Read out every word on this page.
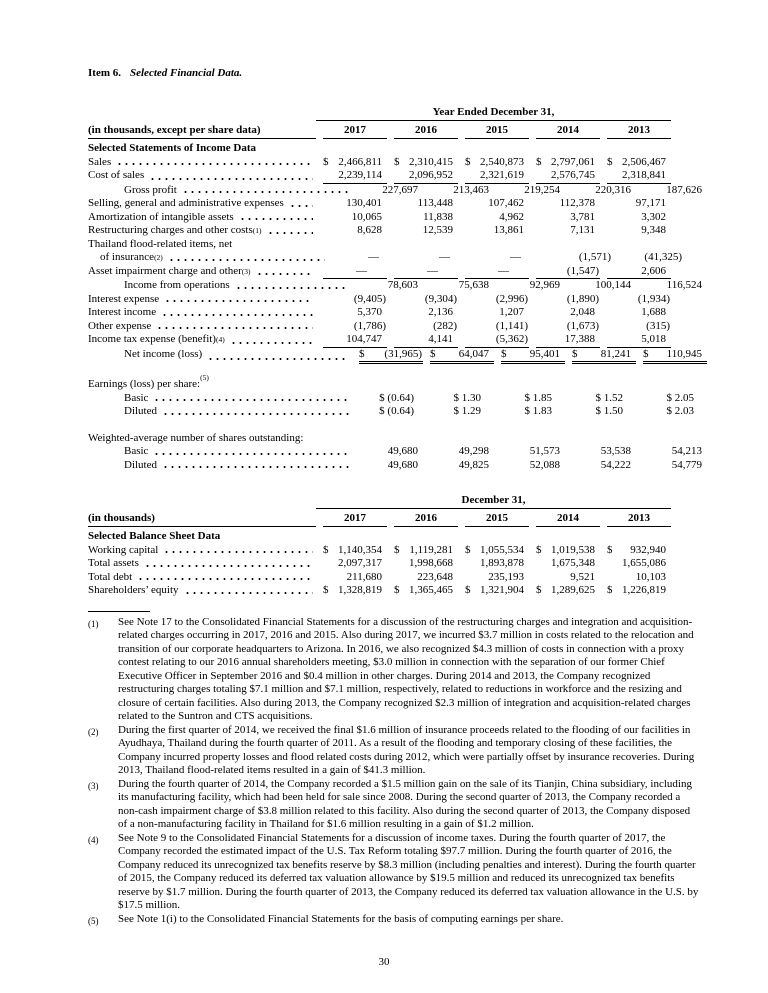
Item 6. Selected Financial Data.
Year Ended December 31,
(in thousands, except per share data)	2017	2016	2015	2014	2013
Selected Statements of Income Data
Sales	$ 2,466,811	$ 2,310,415	$ 2,540,873	$ 2,797,061	$ 2,506,467
Cost of sales	2,239,114	2,096,952	2,321,619	2,576,745	2,318,841
Gross profit	227,697	213,463	219,254	220,316	187,626
Selling, general and administrative expenses	130,401	113,448	107,462	112,378	97,171
Amortization of intangible assets	10,065	11,838	4,962	3,781	3,302
Restructuring charges and other costs (1)	8,628	12,539	13,861	7,131	9,348
Thailand flood-related items, net
of insurance (2)	—	—	—	(1,571)	(41,325)
Asset impairment charge and other (3)	—	—	—	(1,547)	2,606
Income from operations	78,603	75,638	92,969	100,144	116,524
Interest expense	(9,405)	(9,304)	(2,996)	(1,890)	(1,934)
Interest income	5,370	2,136	1,207	2,048	1,688
Other expense	(1,786)	(282)	(1,141)	(1,673)	(315)
Income tax expense (benefit) (4)	104,747	4,141	(5,362)	17,388	5,018
Net income (loss)	$ (31,965) $ 64,047	$ 95,401	$ 81,241	$ 110,945
Earnings (loss) per share:
(5)
Basic	$ (0.64)	$ 1.30	$ 1.85	$ 1.52	$ 2.05
Diluted	$ (0.64)	$ 1.29	$ 1.83	$ 1.50	$ 2.03
Weighted-average number of shares outstanding:
Basic	49,680	49,298	51,573	53,538	54,213
Diluted	49,680	49,825	52,088	54,222	54,779
December 31,
(in thousands)	2017	2016	2015	2014	2013
Selected Balance Sheet Data
Working capital	$ 1,140,354	$ 1,119,281	$ 1,055,534	$ 1,019,538	$ 932,940
Total assets	2,097,317	1,998,668	1,893,878	1,675,348	1,655,086
Total debt	211,680	223,648	235,193	9,521	10,103
Shareholders’ equity	$ 1,328,819	$ 1,365,465	$ 1,321,904	$ 1,289,625	$ 1,226,819
(1)	See Note 17 to the Consolidated Financial Statements for a discussion of the restructuring charges and integration and acquisition-related charges occurring in 2017, 2016 and 2015. Also during 2017, we incurred $3.7 million in costs related to the relocation and transition of our corporate headquarters to Arizona. In 2016, we also recognized $4.3 million of costs in connection with a proxy contest relating to our 2016 annual shareholders meeting, $3.0 million in connection with the separation of our former Chief Executive Officer in September 2016 and $0.4 million in other charges. During 2014 and 2013, the Company recognized restructuring charges totaling $7.1 million and $7.1 million, respectively, related to reductions in workforce and the resizing and closure of certain facilities. Also during 2013, the Company recognized $2.3 million of integration and acquisition-related charges related to the Suntron and CTS acquisitions.
(2)	During the first quarter of 2014, we received the final $1.6 million of insurance proceeds related to the flooding of our facilities in Ayudhaya, Thailand during the fourth quarter of 2011. As a result of the flooding and temporary closing of these facilities, the Company incurred property losses and flood related costs during 2012, which were partially offset by insurance recoveries. During 2013, Thailand flood-related items resulted in a gain of $41.3 million.
(3)	During the fourth quarter of 2014, the Company recorded a $1.5 million gain on the sale of its Tianjin, China subsidiary, including its manufacturing facility, which had been held for sale since 2008. During the second quarter of 2013, the Company recorded a non-cash impairment charge of $3.8 million related to this facility. Also during the second quarter of 2013, the Company disposed of a non-manufacturing facility in Thailand for $1.6 million resulting in a gain of $1.2 million.
(4)	See Note 9 to the Consolidated Financial Statements for a discussion of income taxes. During the fourth quarter of 2017, the Company recorded the estimated impact of the U.S. Tax Reform totaling $97.7 million. During the fourth quarter of 2016, the Company reduced its unrecognized tax benefits reserve by $8.3 million (including penalties and interest). During the fourth quarter of 2015, the Company reduced its deferred tax valuation allowance by $19.5 million and reduced its unrecognized tax benefits reserve by $1.7 million. During the fourth quarter of 2013, the Company reduced its deferred tax valuation allowance in the U.S. by $17.5 million.
(5)	See Note 1(i) to the Consolidated Financial Statements for the basis of computing earnings per share.
30
